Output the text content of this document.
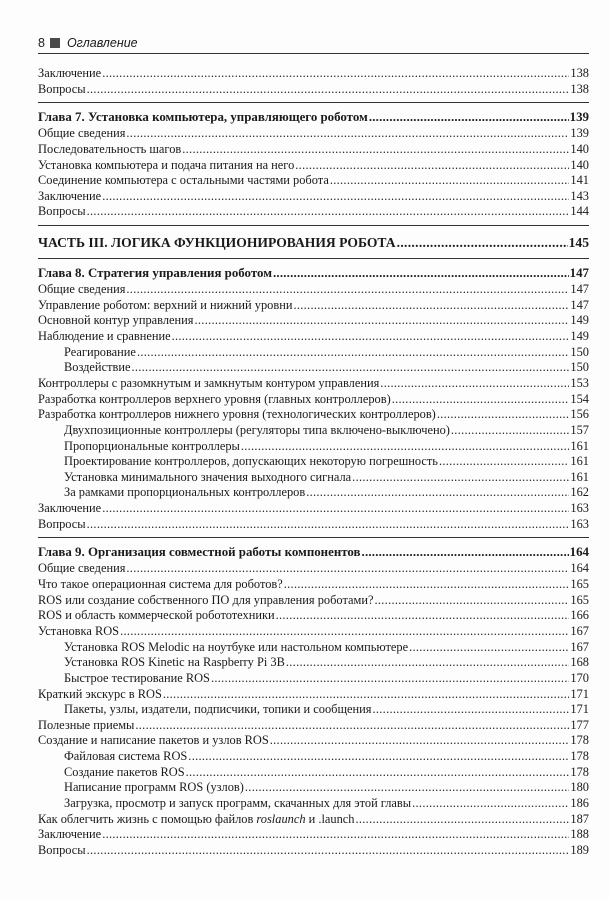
8 Оглавление
Заключение .....	138
Вопросы .....	138
Глава 7. Установка компьютера, управляющего роботом .....	139
Общие сведения .....	139
Последовательность шагов .....	140
Установка компьютера и подача питания на него .....	140
Соединение компьютера с остальными частями робота .....	141
Заключение .....	143
Вопросы .....	144
ЧАСТЬ III. ЛОГИКА ФУНКЦИОНИРОВАНИЯ РОБОТА .....	145
Глава 8. Стратегия управления роботом .....	147
Общие сведения .....	147
Управление роботом: верхний и нижний уровни .....	147
Основной контур управления .....	149
Наблюдение и сравнение .....	149
Реагирование .....	150
Воздействие .....	150
Контроллеры с разомкнутым и замкнутым контуром управления .....	153
Разработка контроллеров верхнего уровня (главных контроллеров) .....	154
Разработка контроллеров нижнего уровня (технологических контроллеров) .....	156
Двухпозиционные контроллеры (регуляторы типа включено-выключено) .....	157
Пропорциональные контроллеры .....	161
Проектирование контроллеров, допускающих некоторую погрешность .....	161
Установка минимального значения выходного сигнала .....	161
За рамками пропорциональных контроллеров .....	162
Заключение .....	163
Вопросы .....	163
Глава 9. Организация совместной работы компонентов .....	164
Общие сведения .....	164
Что такое операционная система для роботов? .....	165
ROS или создание собственного ПО для управления роботами? .....	165
ROS и область коммерческой робототехники .....	166
Установка ROS .....	167
Установка ROS Melodic на ноутбуке или настольном компьютере .....	167
Установка ROS Kinetic на Raspberry Pi 3B .....	168
Быстрое тестирование ROS .....	170
Краткий экскурс в ROS .....	171
Пакеты, узлы, издатели, подписчики, топики и сообщения .....	171
Полезные приемы .....	177
Создание и написание пакетов и узлов ROS .....	178
Файловая система ROS .....	178
Создание пакетов ROS .....	178
Написание программ ROS (узлов) .....	180
Загрузка, просмотр и запуск программ, скачанных для этой главы .....	186
Как облегчить жизнь с помощью файлов roslaunch и .launch .....	187
Заключение .....	188
Вопросы .....	189
